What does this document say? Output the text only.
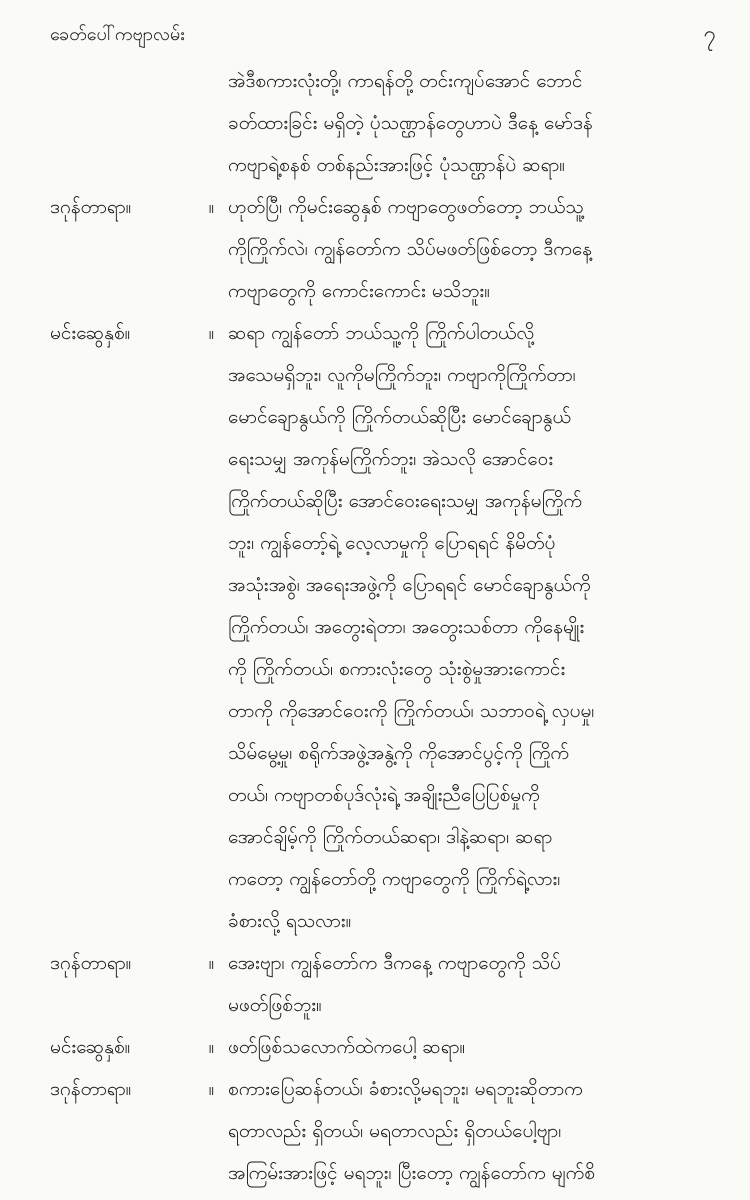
ခေတ်ပေါ်ကဗျာလမ်း	၇
အဲဒီစကားလုံးတို့၊ ကာရန်တို့ တင်းကျပ်အောင် ဘောင်
ခတ်ထားခြင်း မရှိတဲ့ ပုံသဏ္ဌာန်တွေဟာပဲ ဒီနေ့ မော်ဒန်
ကဗျာရဲ့စနစ် တစ်နည်းအားဖြင့် ပုံသဏ္ဌာန်ပဲ ဆရာ။
ဒဂုန်တာရာ။	။ ဟုတ်ပြီ၊ ကိုမင်းဆွေနှစ် ကဗျာတွေဖတ်တော့ ဘယ်သူ့
ကိုကြိုက်လဲ၊ ကျွန်တော်က သိပ်မဖတ်ဖြစ်တော့ ဒီကနေ့
ကဗျာတွေကို ကောင်းကောင်း မသိဘူး။
မင်းဆွေနှစ်။	။ ဆရာ ကျွန်တော် ဘယ်သူ့ကို ကြိုက်ပါတယ်လို့
အသေမရှိဘူး၊ လူကိုမကြိုက်ဘူး၊ ကဗျာကိုကြိုက်တာ၊
မောင်ချောနွယ်ကို ကြိုက်တယ်ဆိုပြီး မောင်ချောနွယ်
ရေးသမျှ အကုန်မကြိုက်ဘူး၊ အဲသလို အောင်ဝေး
ကြိုက်တယ်ဆိုပြီး အောင်ဝေးရေးသမျှ အကုန်မကြိုက်
ဘူး၊ ကျွန်တော့်ရဲ့ လေ့လာမှုကို ပြောရရင် နိမိတ်ပုံ
အသုံးအစွဲ၊ အရေးအဖွဲ့ကို ပြောရရင် မောင်ချောနွယ်ကို
ကြိုက်တယ်၊ အတွေးရဲတာ၊ အတွေးသစ်တာ ကိုနေမျိုး
ကို ကြိုက်တယ်၊ စကားလုံးတွေ သုံးစွဲမှုအားကောင်း
တာကို ကိုအောင်ဝေးကို ကြိုက်တယ်၊ သဘာဝရဲ့ လှပမှု၊
သိမ်မွေ့မှု၊ စရိုက်အဖွဲ့အနွဲ့ကို ကိုအောင်ပွင့်ကို ကြိုက်
တယ်၊ ကဗျာတစ်ပုဒ်လုံးရဲ့ အချိုးညီပြေပြစ်မှုကို
အောင်ချိမ့်ကို ကြိုက်တယ်ဆရာ၊ ဒါနဲ့ဆရာ၊ ဆရာ
ကတော့ ကျွန်တော်တို့ ကဗျာတွေကို ကြိုက်ရဲ့လား၊
ခံစားလို့ ရသလား။
ဒဂုန်တာရာ။	။ အေးဗျာ၊ ကျွန်တော်က ဒီကနေ့ ကဗျာတွေကို သိပ်
မဖတ်ဖြစ်ဘူး။
မင်းဆွေနှစ်။	။ ဖတ်ဖြစ်သလောက်ထဲကပေါ့ ဆရာ။
ဒဂုန်တာရာ။	။ စကားပြေဆန်တယ်၊ ခံစားလို့မရဘူး၊ မရဘူးဆိုတာက
ရတာလည်း ရှိတယ်၊ မရတာလည်း ရှိတယ်ပေါ့ဗျာ၊
အကြမ်းအားဖြင့် မရဘူး၊ ပြီးတော့ ကျွန်တော်က မျက်စိ
